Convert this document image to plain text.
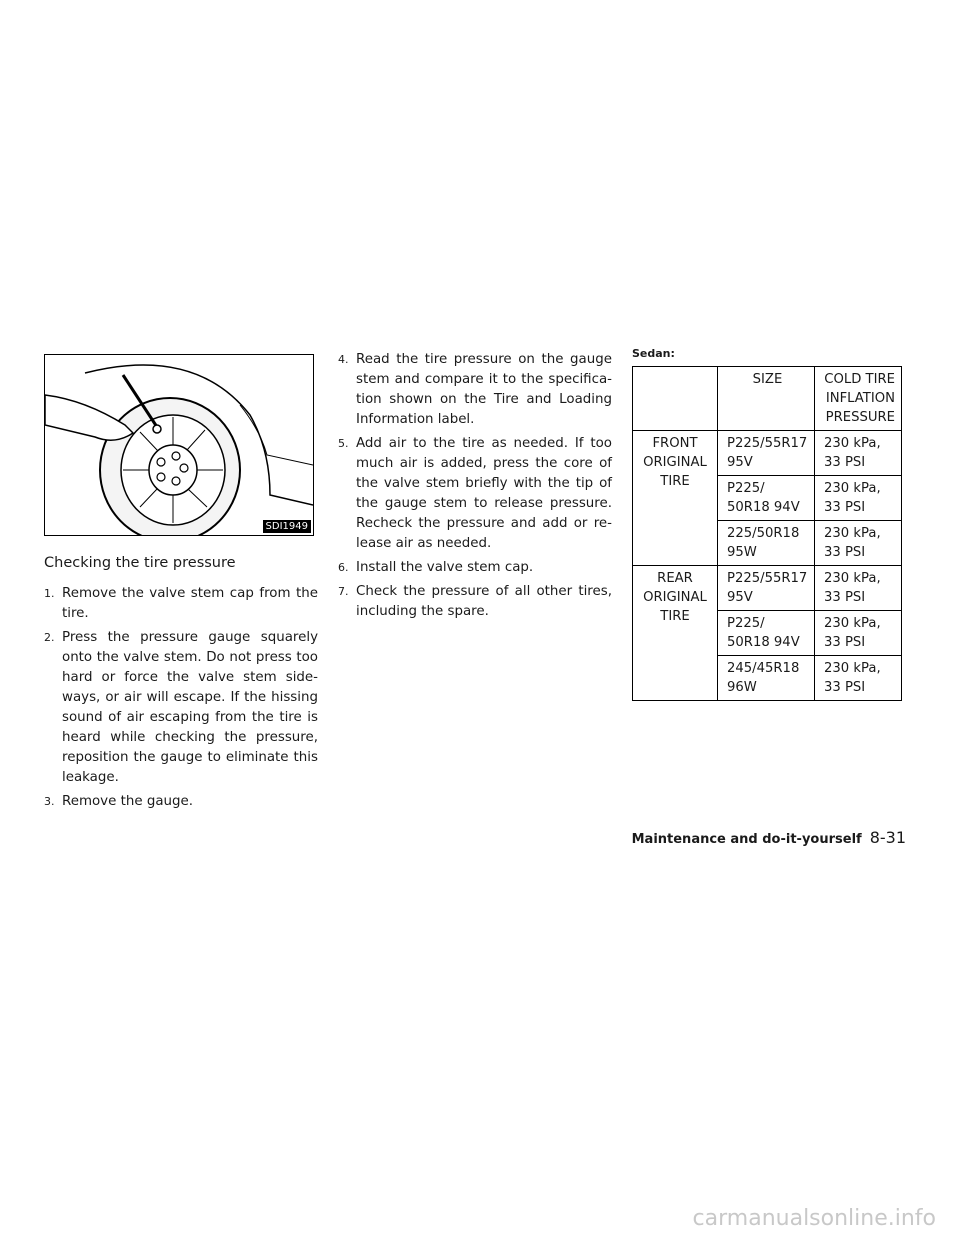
SDI1949
Checking the tire pressure
1. Remove the valve stem cap from the tire.
2. Press the pressure gauge squarely onto the valve stem. Do not press too hard or force the valve stem side-ways, or air will escape. If the hissing sound of air escaping from the tire is heard while checking the pressure, reposition the gauge to eliminate this leakage.
3. Remove the gauge.
4. Read the tire pressure on the gauge stem and compare it to the specifica-tion shown on the Tire and Loading Information label.
5. Add air to the tire as needed. If too much air is added, press the core of the valve stem briefly with the tip of the gauge stem to release pressure. Recheck the pressure and add or re-lease air as needed.
6. Install the valve stem cap.
7. Check the pressure of all other tires, including the spare.

Sedan:

	SIZE	COLD TIRE INFLATION PRESSURE
FRONT ORIGINAL TIRE	P225/55R17 95V	230 kPa, 33 PSI
	P225/ 50R18 94V	230 kPa, 33 PSI
	225/50R18 95W	230 kPa, 33 PSI
REAR ORIGINAL TIRE	P225/55R17 95V	230 kPa, 33 PSI
	P225/ 50R18 94V	230 kPa, 33 PSI
	245/45R18 96W	230 kPa, 33 PSI
Maintenance and do-it-yourself 8-31
carmanualsonline.info
